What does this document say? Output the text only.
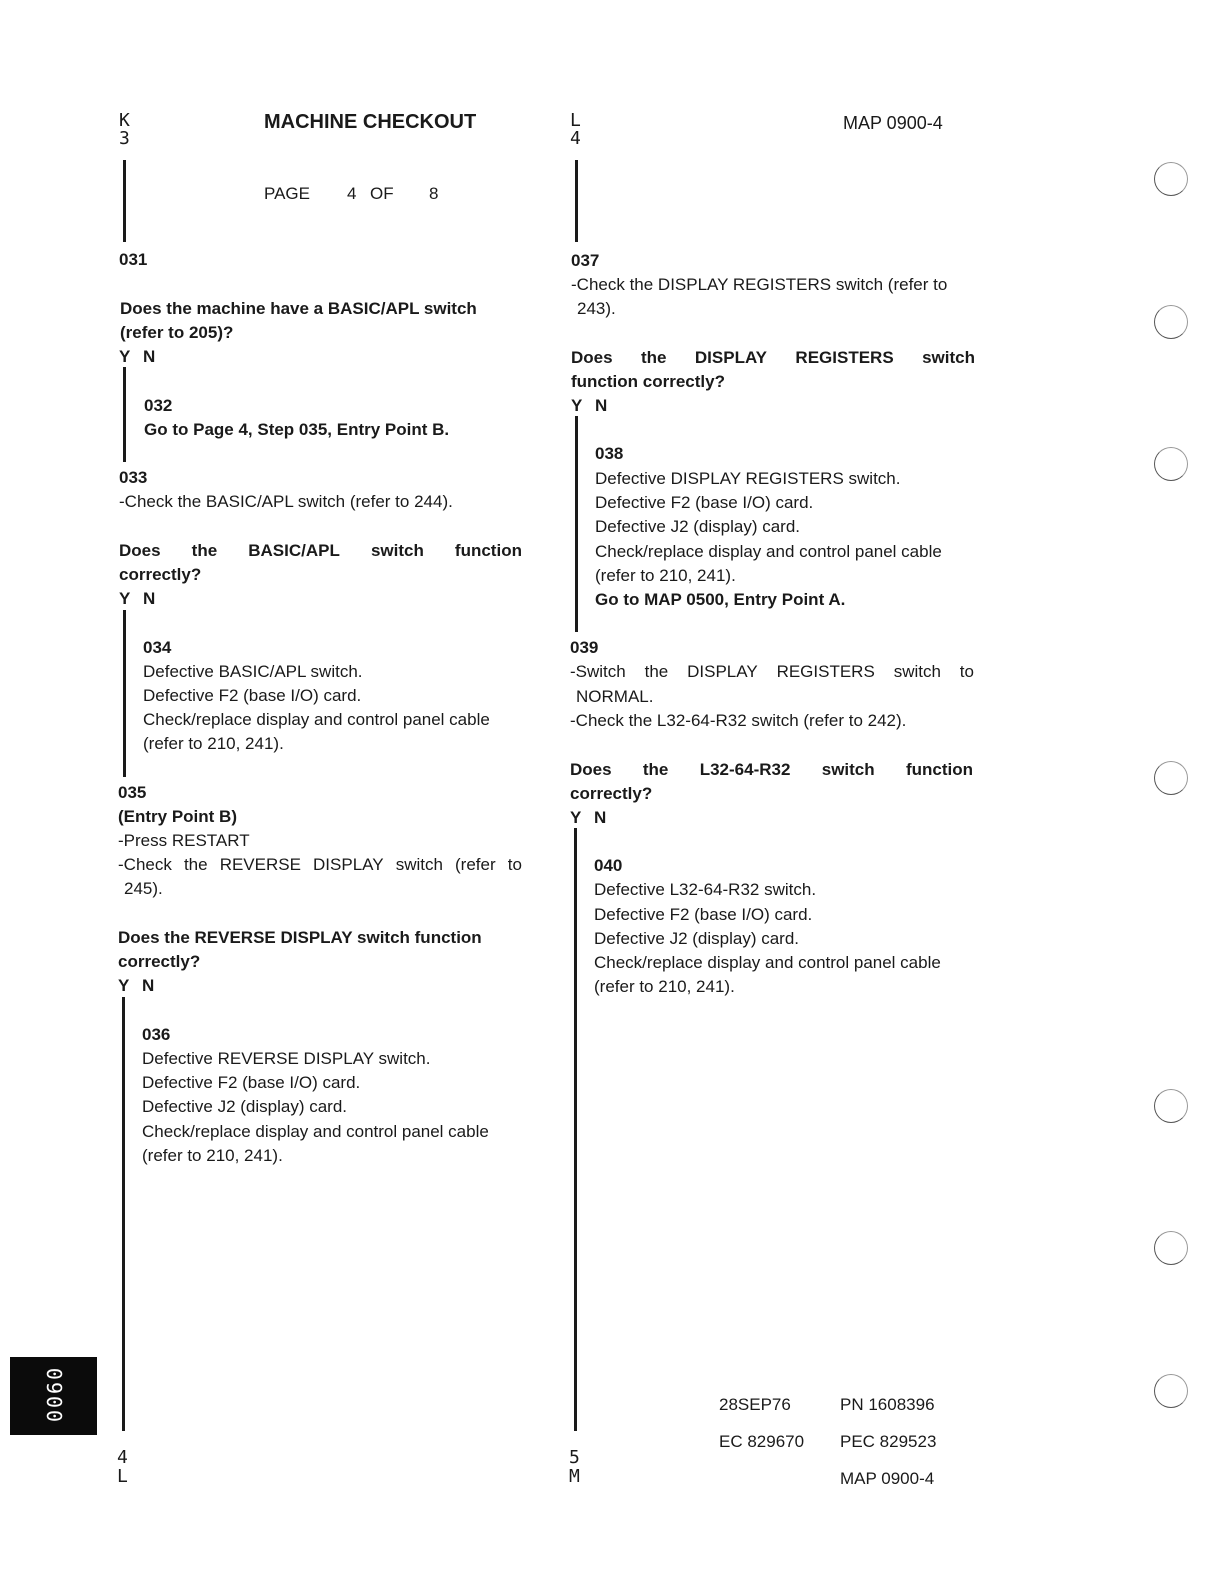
K
3
MACHINE CHECKOUT
PAGE 4 OF 8
L
4
MAP 0900-4
031
Does the machine have a BASIC/APL switch
(refer to 205)?
Y N
032
Go to Page 4, Step 035, Entry Point B.
033
-Check the BASIC/APL switch (refer to 244).
Does the BASIC/APL switch function
correctly?
Y N
034
Defective BASIC/APL switch.
Defective F2 (base I/O) card.
Check/replace display and control panel cable
(refer to 210, 241).
035
(Entry Point B)
-Press RESTART
-Check the REVERSE DISPLAY switch (refer to
245).
Does the REVERSE DISPLAY switch function
correctly?
Y N
036
Defective REVERSE DISPLAY switch.
Defective F2 (base I/O) card.
Defective J2 (display) card.
Check/replace display and control panel cable
(refer to 210, 241).
4
L
037
-Check the DISPLAY REGISTERS switch (refer to
243).
Does the DISPLAY REGISTERS switch
function correctly?
Y N
038
Defective DISPLAY REGISTERS switch.
Defective F2 (base I/O) card.
Defective J2 (display) card.
Check/replace display and control panel cable
(refer to 210, 241).
Go to MAP 0500, Entry Point A.
039
-Switch the DISPLAY REGISTERS switch to
NORMAL.
-Check the L32-64-R32 switch (refer to 242).
Does the L32-64-R32 switch function
correctly?
Y N
040
Defective L32-64-R32 switch.
Defective F2 (base I/O) card.
Defective J2 (display) card.
Check/replace display and control panel cable
(refer to 210, 241).
5
M
28SEP76	PN 1608396
EC 829670 PEC 829523
MAP 0900-4
0900
